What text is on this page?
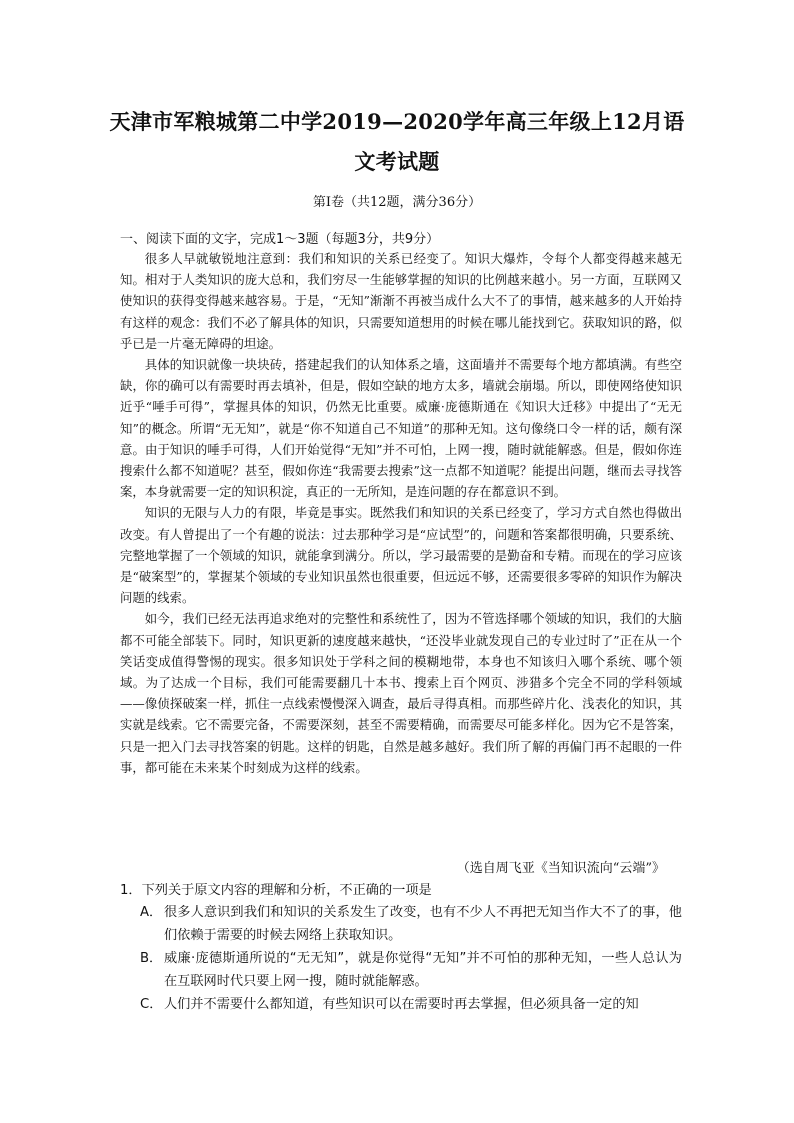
天津市军粮城第二中学2019—2020学年高三年级上12月语
文考试题
第Ⅰ卷（共12题，满分36分）
一、阅读下面的文字，完成1～3题（每题3分，共9分）

很多人早就敏锐地注意到：我们和知识的关系已经变了。知识大爆炸，令每个人都变得越来越无知。相对于人类知识的庞大总和，我们穷尽一生能够掌握的知识的比例越来越小。另一方面，互联网又使知识的获得变得越来越容易。于是，“无知”渐渐不再被当成什么大不了的事情，越来越多的人开始持有这样的观念：我们不必了解具体的知识，只需要知道想用的时候在哪儿能找到它。获取知识的路，似乎已是一片毫无障碍的坦途。

具体的知识就像一块块砖，搭建起我们的认知体系之墙，这面墙并不需要每个地方都填满。有些空缺，你的确可以有需要时再去填补，但是，假如空缺的地方太多，墙就会崩塌。所以，即使网络使知识近乎“唾手可得”，掌握具体的知识，仍然无比重要。威廉·庞德斯通在《知识大迁移》中提出了“无无知”的概念。所谓“无无知”，就是“你不知道自己不知道”的那种无知。这句像绕口令一样的话，颇有深意。由于知识的唾手可得，人们开始觉得“无知”并不可怕，上网一搜，随时就能解惑。但是，假如你连搜索什么都不知道呢？甚至，假如你连“我需要去搜索”这一点都不知道呢？能提出问题，继而去寻找答案，本身就需要一定的知识积淀，真正的一无所知，是连问题的存在都意识不到。

知识的无限与人力的有限，毕竟是事实。既然我们和知识的关系已经变了，学习方式自然也得做出改变。有人曾提出了一个有趣的说法：过去那种学习是“应试型”的，问题和答案都很明确，只要系统、完整地掌握了一个领域的知识，就能拿到满分。所以，学习最需要的是勤奋和专精。而现在的学习应该是“破案型”的，掌握某个领域的专业知识虽然也很重要，但远远不够，还需要很多零碎的知识作为解决问题的线索。

如今，我们已经无法再追求绝对的完整性和系统性了，因为不管选择哪个领域的知识，我们的大脑都不可能全部装下。同时，知识更新的速度越来越快，“还没毕业就发现自己的专业过时了”正在从一个笑话变成值得警惕的现实。很多知识处于学科之间的模糊地带，本身也不知该归入哪个系统、哪个领域。为了达成一个目标，我们可能需要翻几十本书、搜索上百个网页、涉猎多个完全不同的学科领域——像侦探破案一样，抓住一点线索慢慢深入调查，最后寻得真相。而那些碎片化、浅表化的知识，其实就是线索。它不需要完备，不需要深刻，甚至不需要精确，而需要尽可能多样化。因为它不是答案，只是一把入门去寻找答案的钥匙。这样的钥匙，自然是越多越好。我们所了解的再偏门再不起眼的一件事，都可能在未来某个时刻成为这样的线索。

（选自周飞亚《当知识流向“云端”》
1．下列关于原文内容的理解和分析，不正确的一项是
A． 很多人意识到我们和知识的关系发生了改变，也有不少人不再把无知当作大不了的事，他们依赖于需要的时候去网络上获取知识。
B． 威廉·庞德斯通所说的“无无知”，就是你觉得“无知”并不可怕的那种无知，一些人总认为在互联网时代只要上网一搜，随时就能解惑。
C． 人们并不需要什么都知道，有些知识可以在需要时再去掌握，但必须具备一定的知
